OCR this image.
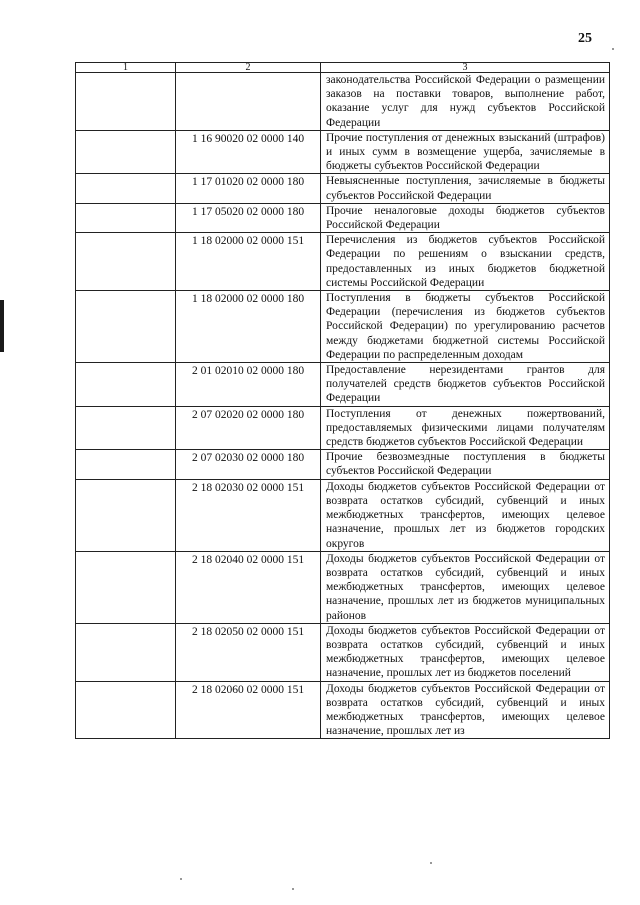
25
1	2	3
		законодательства Российской Федерации о размещении заказов на поставки товаров, выполнение работ, оказание услуг для нужд субъектов Российской Федерации
	1 16 90020 02 0000 140	Прочие поступления от денежных взысканий (штрафов) и иных сумм в возмещение ущерба, зачисляемые в бюджеты субъектов Российской Федерации
	1 17 01020 02 0000 180	Невыясненные поступления, зачисляемые в бюджеты субъектов Российской Федерации
	1 17 05020 02 0000 180	Прочие неналоговые доходы бюджетов субъектов Российской Федерации
	1 18 02000 02 0000 151	Перечисления из бюджетов субъектов Российской Федерации по решениям о взыскании средств, предоставленных из иных бюджетов бюджетной системы Российской Федерации
	1 18 02000 02 0000 180	Поступления в бюджеты субъектов Российской Федерации (перечисления из бюджетов субъектов Российской Федерации) по урегулированию расчетов между бюджетами бюджетной системы Российской Федерации по распределенным доходам
	2 01 02010 02 0000 180	Предоставление нерезидентами грантов для получателей средств бюджетов субъектов Российской Федерации
	2 07 02020 02 0000 180	Поступления от денежных пожертвований, предоставляемых физическими лицами получателям средств бюджетов субъектов Российской Федерации
	2 07 02030 02 0000 180	Прочие безвозмездные поступления в бюджеты субъектов Российской Федерации
	2 18 02030 02 0000 151	Доходы бюджетов субъектов Российской Федерации от возврата остатков субсидий, субвенций и иных межбюджетных трансфертов, имеющих целевое назначение, прошлых лет из бюджетов городских округов
	2 18 02040 02 0000 151	Доходы бюджетов субъектов Российской Федерации от возврата остатков субсидий, субвенций и иных межбюджетных трансфертов, имеющих целевое назначение, прошлых лет из бюджетов муниципальных районов
	2 18 02050 02 0000 151	Доходы бюджетов субъектов Российской Федерации от возврата остатков субсидий, субвенций и иных межбюджетных трансфертов, имеющих целевое назначение, прошлых лет из бюджетов поселений
	2 18 02060 02 0000 151	Доходы бюджетов субъектов Российской Федерации от возврата остатков субсидий, субвенций и иных межбюджетных трансфертов, имеющих целевое назначение, прошлых лет из
